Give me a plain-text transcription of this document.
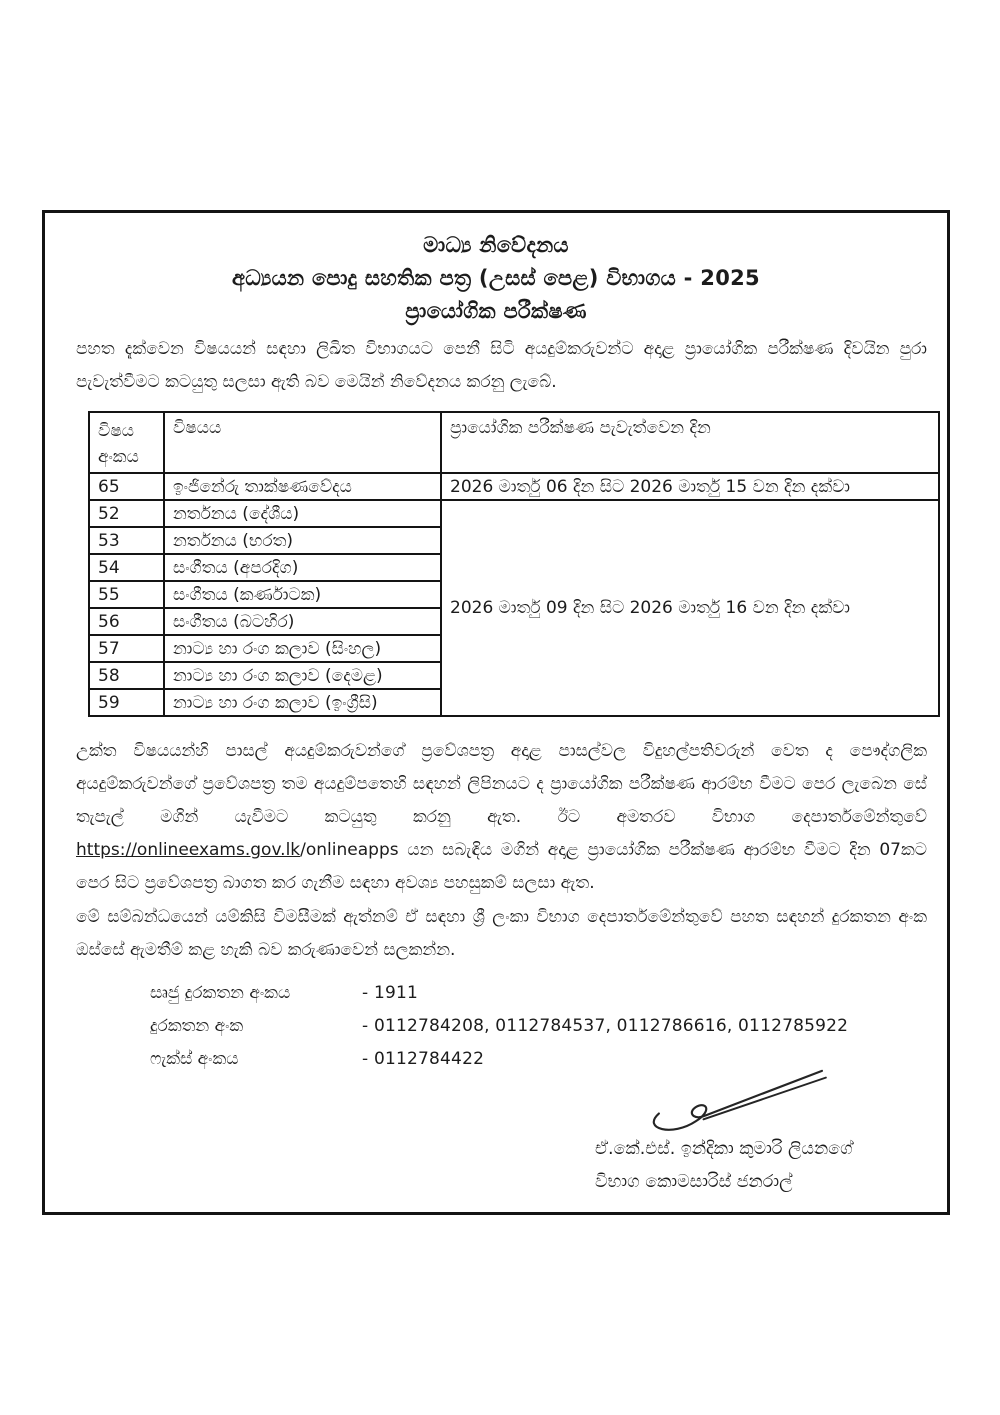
මාධ්‍ය නිවේදනය
අධ්‍යයන පොදු සහතික පත්‍ර (උසස් පෙළ) විභාගය - 2025
ප්‍රායෝගික පරීක්ෂණ
පහත දැක්වෙන විෂයයන් සඳහා ලිඛිත විභාගයට පෙනී සිටි අයදුම්කරුවන්ට අදාළ ප්‍රායෝගික පරීක්ෂණ දිවයින පුරා පැවැත්වීමට කටයුතු සලසා ඇති බව මෙයින් නිවේදනය කරනු ලැබේ.
විෂය
අංකය	විෂයය	ප්‍රායෝගික පරීක්ෂණ පැවැත්වෙන දින
65	ඉංජිනේරු තාක්ෂණවේදය	2026 මාර්තු 06 දින සිට 2026 මාර්තු 15 වන දින දක්වා
52	නර්තනය (දේශීය)	2026 මාර්තු 09 දින සිට 2026 මාර්තු 16 වන දින දක්වා
53	නර්තනය (භරත)	
54	සංගීතය (අපරදිග)	
55	සංගීතය (කර්ණාටක)	
56	සංගීතය (බටහිර)	
57	නාට්‍ය හා රංග කලාව (සිංහල)	
58	නාට්‍ය හා රංග කලාව (දෙමළ)	
59	නාට්‍ය හා රංග කලාව (ඉංග්‍රීසි)	
උක්ත විෂයයන්හි පාසල් අයදුම්කරුවන්ගේ ප්‍රවේශපත්‍ර අදාළ පාසල්වල විදුහල්පතිවරුන් වෙත ද පෞද්ගලික අයදුම්කරුවන්ගේ ප්‍රවේශපත්‍ර තම අයදුම්පතෙහි සඳහන් ලිපිනයට ද ප්‍රායෝගික පරීක්ෂණ ආරම්භ වීමට පෙර ලැබෙන සේ තැපැල් මගින් යැවීමට කටයුතු කරනු ඇත. ඊට අමතරව විභාග දෙපාර්තමේන්තුවේ https://onlineexams.gov.lk/onlineapps යන සබැඳිය මගින් අදාළ ප්‍රායෝගික පරීක්ෂණ ආරම්භ වීමට දින 07කට පෙර සිට ප්‍රවේශපත්‍ර බාගත කර ගැනීම සඳහා අවශ්‍ය පහසුකම් සලසා ඇත.
මේ සම්බන්ධයෙන් යම්කිසි විමසීමක් ඇත්නම් ඒ සඳහා ශ්‍රී ලංකා විභාග දෙපාර්තමේන්තුවේ පහත සඳහන් දුරකතන අංක ඔස්සේ ඇමතීම් කළ හැකි බව කරුණාවෙන් සලකන්න.
සෘජු දුරකතන අංකය	- 1911
දුරකතන අංක	- 0112784208, 0112784537, 0112786616, 0112785922
ෆැක්ස් අංකය	- 0112784422
ඒ.කේ.එස්. ඉන්දිකා කුමාරි ලියනගේ
විභාග කොමසාරිස් ජනරාල්
